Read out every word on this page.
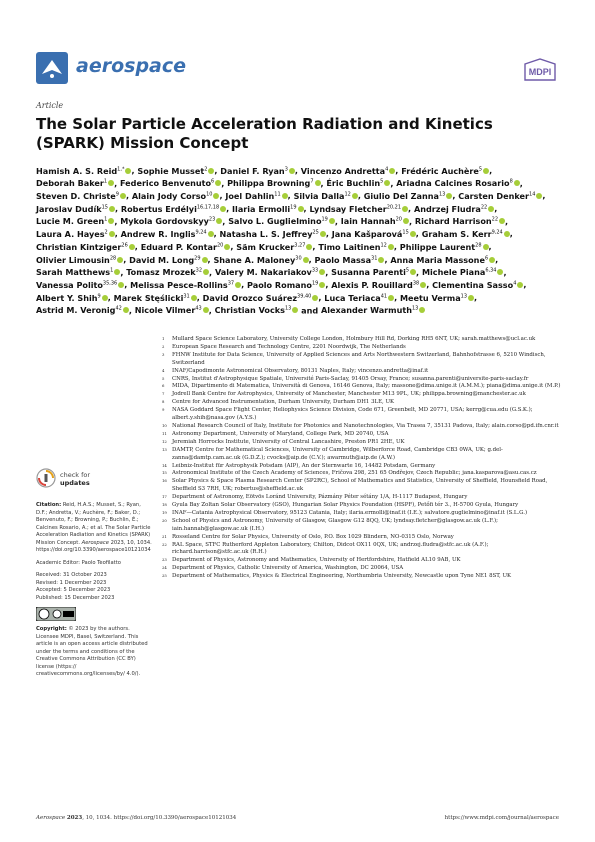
aerospace	MDPI
Article
The Solar Particle Acceleration Radiation and Kinetics (SPARK) Mission Concept

Hamish A. S. Reid$^{1,*}$ , Sophie Musset$^2$ , Daniel F. Ryan$^3$ , Vincenzo Andretta$^4$ , Frédéric Auchère$^5$ , Deborah Baker$^1$ , Federico Benvenuto$^6$ , Philippa Browning$^7$ , Éric Buchlin$^5$ , Ariadna Calcines Rosario$^8$ , Steven D. Christe$^9$ , Alain Jody Corso$^{10}$ , Joel Dahlin$^{11}$ , Silvia Dalla$^{12}$ , Giulio Del Zanna$^{13}$ , Carsten Denker$^{14}$ , Jaroslav Dudík$^{15}$ , Robertus Erdélyi$^{16,17,18}$ , Ilaria Ermolli$^{19}$ , Lyndsay Fletcher$^{20,21}$ , Andrzej Fludra$^{22}$ , Lucie M. Green$^1$ , Mykola Gordovskyy$^{23}$ , Salvo L. Guglielmino$^{19}$ , Iain Hannah$^{20}$ , Richard Harrison$^{22}$ , Laura A. Hayes$^2$ , Andrew R. Inglis$^{9,24}$ , Natasha L. S. Jeffrey$^{25}$ , Jana Kašparová$^{15}$ , Graham S. Kerr$^{9,24}$ , Christian Kintziger$^{26}$ , Eduard P. Kontar$^{20}$ , Säm Krucker$^{3,27}$ , Timo Laitinen$^{12}$ , Philippe Laurent$^{28}$ , Olivier Limousin$^{28}$ , David M. Long$^{29}$ , Shane A. Maloney$^{30}$ , Paolo Massa$^{31}$ , Anna Maria Massone$^6$ , Sarah Matthews$^1$ , Tomasz Mrozek$^{32}$ , Valery M. Nakariakov$^{33}$ , Susanna Parenti$^5$ , Michele Piana$^{6,34}$ , Vanessa Polito$^{35,36}$ , Melissa Pesce-Rollins$^{37}$ , Paolo Romano$^{19}$ , Alexis P. Rouillard$^{38}$ , Clementina Sasso$^4$ , Albert Y. Shih$^9$ , Marek Stęślicki$^{31}$ , David Orozco Suárez$^{39,40}$ , Luca Teriaca$^{41}$ , Meetu Verma$^{13}$ , Astrid M. Veronig$^{42}$ , Nicole Vilmer$^{43}$ , Christian Vocks$^{13}$ and Alexander Warmuth$^{13}$

1 Mullard Space Science Laboratory, University College London, Holmbury Hill Rd, Dorking RH5 6NT, UK; sarah.matthews@ucl.ac.uk
2 European Space Research and Technology Centre, 2201 Noordwijk, The Netherlands
3 FHNW Institute for Data Science, University of Applied Sciences and Arts Northwestern Switzerland, Bahnhofstrasse 6, 5210 Windisch, Switzerland
4 INAF/Capodimonte Astronomical Observatory, 80131 Naples, Italy; vincenzo.andretta@inaf.it
5 CNRS, Institut d'Astrophysique Spatiale, Université Paris-Saclay, 91405 Orsay, France; susanna.parenti@universite-paris-saclay.fr
6 MIDA, Dipartimento di Matematica, Università di Genova, 16146 Genova, Italy; massone@dima.unige.it (A.M.M.); piana@dima.unige.it (M.P.)
7 Jodrell Bank Centre for Astrophysics, University of Manchester, Manchester M13 9PL, UK; philippa.browning@manchester.ac.uk
8 Centre for Advanced Instrumentation, Durham University, Durham DH1 3LE, UK
9 NASA Goddard Space Flight Center, Heliophysics Science Division, Code 671, Greenbelt, MD 20771, USA; kerrg@cua.edu (G.S.K.); albert.y.shih@nasa.gov (A.Y.S.)
10 National Research Council of Italy, Institute for Photonics and Nanotechnologies, Via Trasea 7, 35131 Padova, Italy; alain.corso@pd.ifn.cnr.it
11 Astronomy Department, University of Maryland, College Park, MD 20740, USA
12 Jeremiah Horrocks Institute, University of Central Lancashire, Preston PR1 2HE, UK
13 DAMTP, Centre for Mathematical Sciences, University of Cambridge, Wilberforce Road, Cambridge CB3 0WA, UK; g.del-zanna@damtp.cam.ac.uk (G.D.Z.); cvocks@aip.de (C.V.); awarmuth@aip.de (A.W.)
14 Leibniz-Institut für Astrophysik Potsdam (AIP), An der Sternwarte 16, 14482 Potsdam, Germany
15 Astronomical Institute of the Czech Academy of Sciences, Fričova 298, 251 65 Ondřejov, Czech Republic; jana.kasparova@asu.cas.cz
16 Solar Physics & Space Plasma Research Center (SP2RC), School of Mathematics and Statistics, University of Sheffield, Hounsfield Road, Sheffield S3 7RH, UK; robertus@sheffield.ac.uk
17 Department of Astronomy, Eötvös Loránd University, Pázmány Péter sétány 1/A, H-1117 Budapest, Hungary
18 Gyula Bay Zoltan Solar Observatory (GSO), Hungarian Solar Physics Foundation (HSPF), Petőfi tér 3., H-5700 Gyula, Hungary
19 INAF—Catania Astrophysical Observatory, 95123 Catania, Italy; ilaria.ermolli@inaf.it (I.E.); salvatore.guglielmino@inaf.it (S.L.G.)
20 School of Physics and Astronomy, University of Glasgow, Glasgow G12 8QQ, UK; lyndsay.fletcher@glasgow.ac.uk (L.F.); iain.hannah@glasgow.ac.uk (I.H.)
21 Rosseland Centre for Solar Physics, University of Oslo, P.O. Box 1029 Blindern, NO-0315 Oslo, Norway
22 RAL Space, STFC Rutherford Appleton Laboratory, Chilton, Didcot OX11 0QX, UK; andrzej.fludra@stfc.ac.uk (A.F.); richard.harrison@stfc.ac.uk (R.H.)
23 Department of Physics, Astronomy and Mathematics, University of Hertfordshire, Hatfield AL10 9AB, UK
24 Department of Physics, Catholic University of America, Washington, DC 20064, USA
25 Department of Mathematics, Physics & Electrical Engineering, Northumbria University, Newcastle upon Tyne NE1 8ST, UK
check for
updates
Citation: Reid, H.A.S.; Musset, S.; Ryan, D.F.; Andretta, V.; Auchère, F.; Baker, D.; Benvenuto, F.; Browning, P.; Buchlin, É.; Calcines Rosario, A.; et al. The Solar Particle Acceleration Radiation and Kinetics (SPARK) Mission Concept. Aerospace 2023, 10, 1034. https://doi.org/10.3390/aerospace10121034
Academic Editor: Paolo Teofilatto
Received: 31 October 2023
Revised: 1 December 2023
Accepted: 5 December 2023
Published: 15 December 2023
Copyright: © 2023 by the authors. Licensee MDPI, Basel, Switzerland. This article is an open access article distributed under the terms and conditions of the Creative Commons Attribution (CC BY) license (https:// creativecommons.org/licenses/by/ 4.0/).
Aerospace 2023, 10, 1034. https://doi.org/10.3390/aerospace10121034	https://www.mdpi.com/journal/aerospace
